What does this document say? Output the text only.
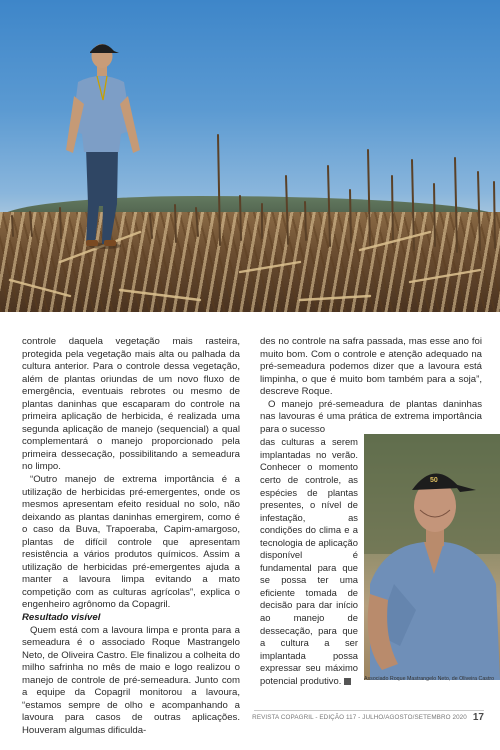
controle daquela vegetação mais rasteira, protegida pela vegetação mais alta ou palhada da cultura anterior. Para o controle dessa vegetação, além de plantas oriundas de um novo fluxo de emergência, eventuais rebrotes ou mesmo de plantas daninhas que escaparam do controle na primeira aplicação de herbicida, é realizada uma segunda aplicação de manejo (sequencial) a qual complementará o manejo proporcionado pela primeira dessecação, possibilitando a semeadura no limpo.

“Outro manejo de extrema importância é a utilização de herbicidas pré-emergentes, onde os mesmos apresentam efeito residual no solo, não deixando as plantas daninhas emergirem, como é o caso da Buva, Trapoeraba, Capim-amargoso, plantas de difícil controle que apresentam resistência a vários produtos químicos. Assim a utilização de herbicidas pré-emergentes ajuda a manter a lavoura limpa evitando a mato competição com as culturas agrícolas”, explica o engenheiro agrônomo da Copagril.

Resultado visível

Quem está com a lavoura limpa e pronta para a semeadura é o associado Roque Mastrangelo Neto, de Oliveira Castro. Ele finalizou a colheita do milho safrinha no mês de maio e logo realizou o manejo de controle de pré-semeadura. Junto com a equipe da Copagril monitorou a lavoura, “estamos sempre de olho e acompanhando a lavoura para casos de outras aplicações. Houveram algumas dificulda-

des no controle na safra passada, mas esse ano foi muito bom. Com o controle e atenção adequado na pré-semeadura podemos dizer que a lavoura está limpinha, o que é muito bom também para a soja”, descreve Roque.

O manejo pré-semeadura de plantas daninhas nas lavouras é uma prática de extrema importância para o sucesso

das culturas a serem implantadas no verão. Conhecer o momento certo de controle, as espécies de plantas presentes, o nível de infestação, as condições do clima e a tecnologia de aplicação disponível é fundamental para que se possa ter uma eficiente tomada de decisão para dar início ao manejo de dessecação, para que a cultura a ser implantada possa expressar seu máximo potencial produtivo.
50
Associado Roque Mastrangelo Neto, de Oliveira Castro
REVISTA COPAGRIL - EDIÇÃO 117 - JULHO/AGOSTO/SETEMBRO 2020 17
